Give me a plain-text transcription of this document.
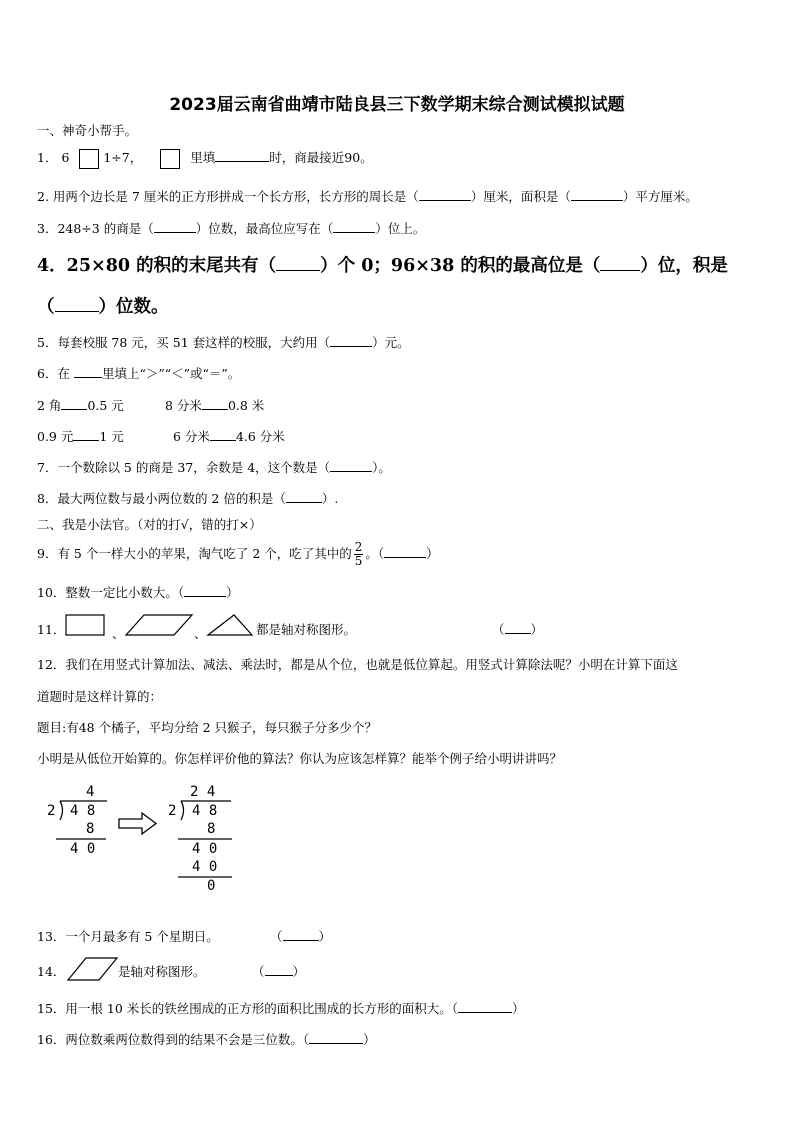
2023届云南省曲靖市陆良县三下数学期末综合测试模拟试题
一、神奇小帮手。
1． 6	1÷7，	里填	时，商最接近90。
2. 用两个边长是 7 厘米的正方形拼成一个长方形，长方形的周长是（	）厘米，面积是（	）平方厘米。
3．248÷3 的商是（	）位数，最高位应写在（	）位上。
4．25×80 的积的末尾共有（	）个 0；96×38 的积的最高位是（ ）位，积是
（	）位数。
5．每套校服 78 元，买 51 套这样的校服，大约用（	）元。
6．在	里填上“＞”“＜”或“＝”。
2 角 0.5 元	8 分米 0.8 米
0.9 元 1 元	6 分米 4.6 分米
7．一个数除以 5 的商是 37，余数是 4，这个数是（	）。
8．最大两位数与最小两位数的 2 倍的积是（	）.
二、我是小法官。（对的打√，错的打×）
9．有 5 个一样大小的苹果，淘气吃了 2 个，吃了其中的 $\frac{2}{5}$ 。（	）
10．整数一定比小数大。（	）
11．	、	、	都是轴对称图形。	（ ）
12．我们在用竖式计算加法、减法、乘法时，都是从个位，也就是低位算起。用竖式计算除法呢？小明在计算下面这
道题时是这样计算的：
题目:有48 个橘子，平均分给 2 只猴子，每只猴子分多少个？
小明是从低位开始算的。你怎样评价他的算法？你认为应该怎样算？能举个例子给小明讲讲吗？
4
2 4 8
8
4 0
2 4
2 4 8
8
4 0
4 0
0
13．一个月最多有 5 个星期日。	（	）
14．	是轴对称图形。	（ ）
15．用一根 10 米长的铁丝围成的正方形的面积比围成的长方形的面积大。（	）
16．两位数乘两位数得到的结果不会是三位数。（	）
